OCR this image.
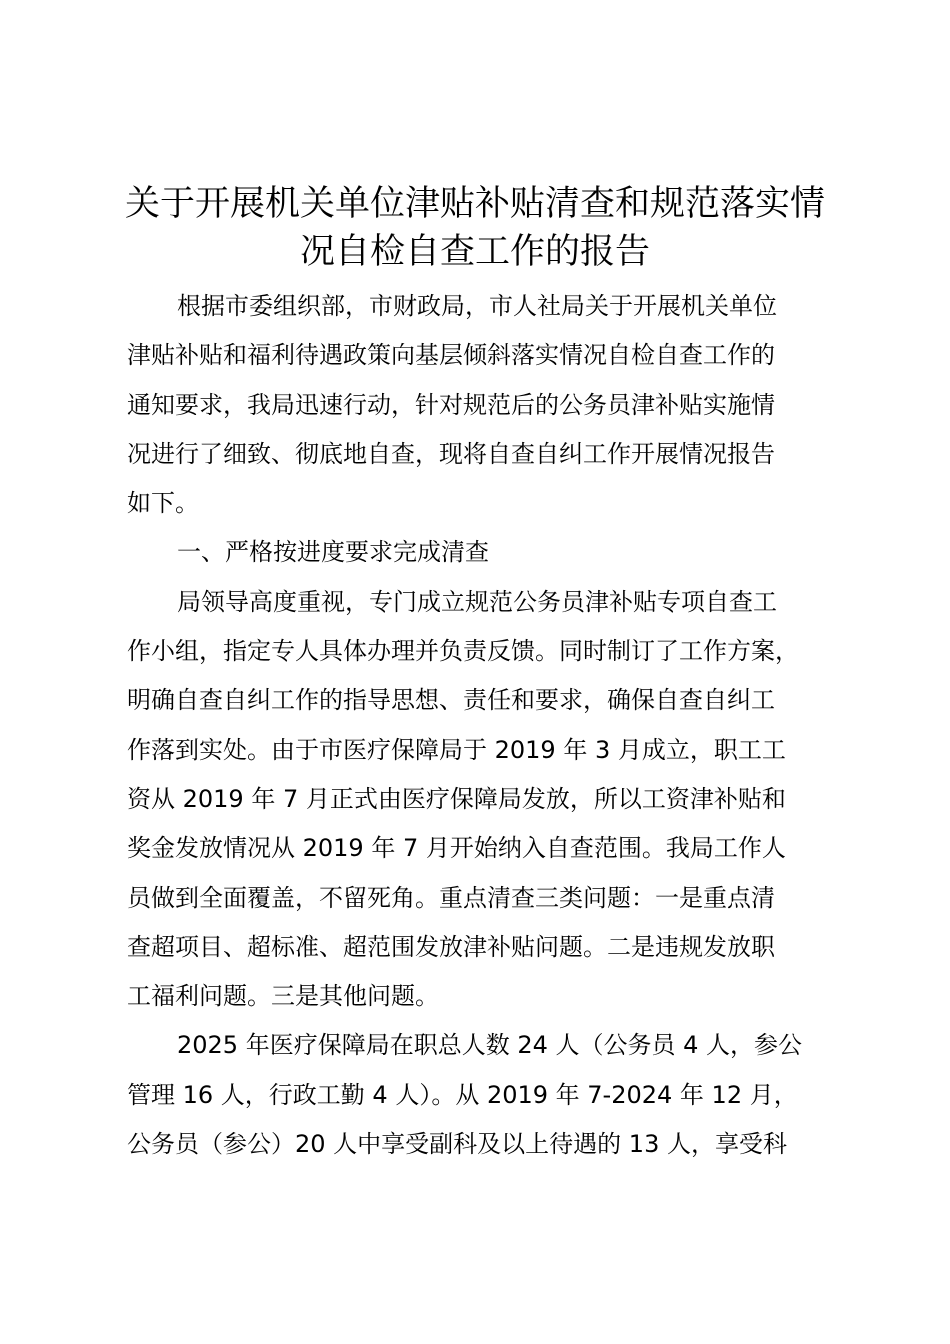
关于开展机关单位津贴补贴清查和规范落实情
况自检自查工作的报告
根据市委组织部，市财政局，市人社局关于开展机关单位
津贴补贴和福利待遇政策向基层倾斜落实情况自检自查工作的
通知要求，我局迅速行动，针对规范后的公务员津补贴实施情
况进行了细致、彻底地自查，现将自查自纠工作开展情况报告
如下。
一、严格按进度要求完成清查
局领导高度重视，专门成立规范公务员津补贴专项自查工
作小组，指定专人具体办理并负责反馈。同时制订了工作方案，
明确自查自纠工作的指导思想、责任和要求，确保自查自纠工
作落到实处。由于市医疗保障局于 2019 年 3 月成立，职工工
资从 2019 年 7 月正式由医疗保障局发放，所以工资津补贴和
奖金发放情况从 2019 年 7 月开始纳入自查范围。我局工作人
员做到全面覆盖，不留死角。重点清查三类问题：一是重点清
查超项目、超标准、超范围发放津补贴问题。二是违规发放职
工福利问题。三是其他问题。
2025 年医疗保障局在职总人数 24 人（公务员 4 人，参公
管理 16 人，行政工勤 4 人）。从 2019 年 7-2024 年 12 月，
公务员（参公）20 人中享受副科及以上待遇的 13 人，享受科
